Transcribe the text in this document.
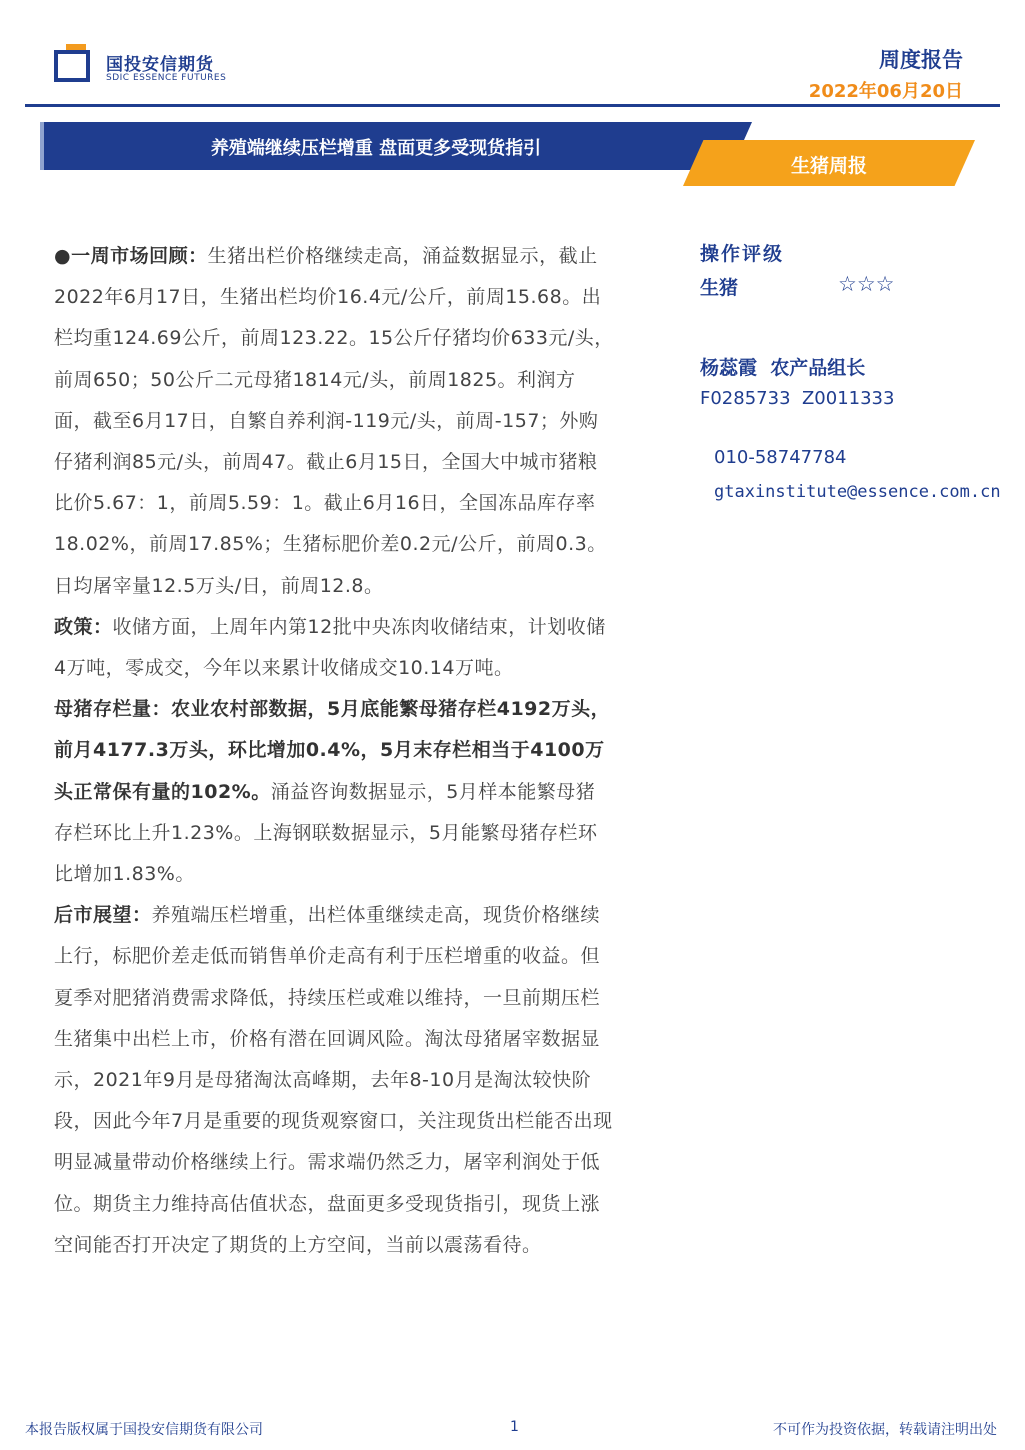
国投安信期货
SDIC ESSENCE FUTURES
周度报告
2022年06月20日
养殖端继续压栏增重 盘面更多受现货指引
生猪周报

●一周市场回顾：生猪出栏价格继续走高，涌益数据显示，截止2022年6月17日，生猪出栏均价16.4元/公斤，前周15.68。出栏均重124.69公斤，前周123.22。15公斤仔猪均价633元/头，前周650；50公斤二元母猪1814元/头，前周1825。利润方面，截至6月17日，自繁自养利润-119元/头，前周-157；外购仔猪利润85元/头，前周47。截止6月15日，全国大中城市猪粮比价5.67：1，前周5.59：1。截止6月16日，全国冻品库存率18.02%，前周17.85%；生猪标肥价差0.2元/公斤，前周0.3。日均屠宰量12.5万头/日，前周12.8。

政策：收储方面，上周年内第12批中央冻肉收储结束，计划收储4万吨，零成交，今年以来累计收储成交10.14万吨。

母猪存栏量：农业农村部数据，5月底能繁母猪存栏4192万头，前月4177.3万头，环比增加0.4%，5月末存栏相当于4100万头正常保有量的102%。涌益咨询数据显示，5月样本能繁母猪存栏环比上升1.23%。上海钢联数据显示，5月能繁母猪存栏环比增加1.83%。

后市展望：养殖端压栏增重，出栏体重继续走高，现货价格继续上行，标肥价差走低而销售单价走高有利于压栏增重的收益。但夏季对肥猪消费需求降低，持续压栏或难以维持，一旦前期压栏生猪集中出栏上市，价格有潜在回调风险。淘汰母猪屠宰数据显示，2021年9月是母猪淘汰高峰期，去年8-10月是淘汰较快阶段，因此今年7月是重要的现货观察窗口，关注现货出栏能否出现明显减量带动价格继续上行。需求端仍然乏力，屠宰利润处于低位。期货主力维持高估值状态，盘面更多受现货指引，现货上涨空间能否打开决定了期货的上方空间，当前以震荡看待。

操作评级
生猪	☆☆☆
杨蕊霞  农产品组长
F0285733  Z0011333
010-58747784
gtaxinstitute@essence.com.cn
本报告版权属于国投安信期货有限公司	1	不可作为投资依据，转载请注明出处
